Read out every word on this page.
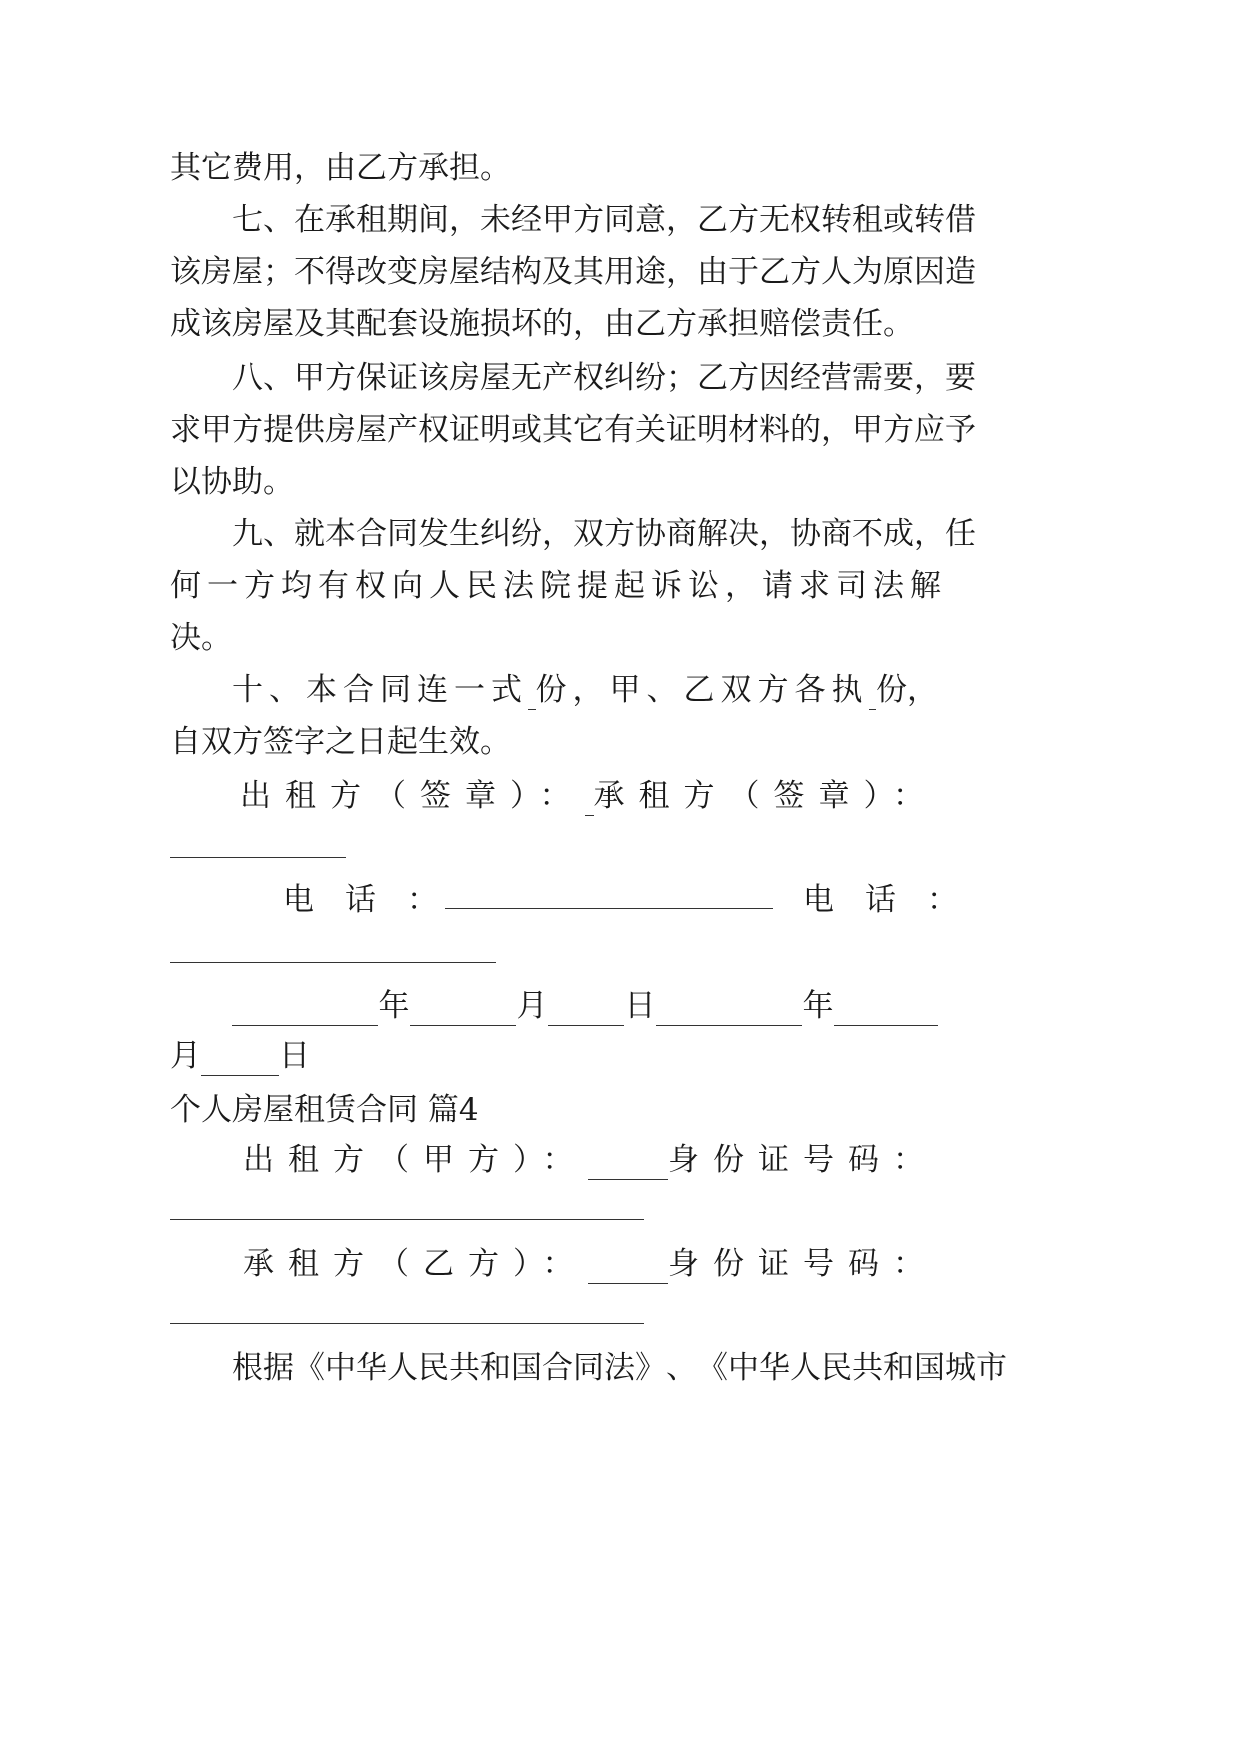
其它费用，由乙方承担。
七 、 在 承 租 期 间 ， 未 经 甲 方 同 意 ， 乙 方 无 权 转 租 或 转 借
该 房 屋 ； 不 得 改 变 房 屋 结 构 及 其 用 途 ， 由 于 乙 方 人 为 原 因 造
成该房屋及其配套设施损坏的，由乙方承担赔偿责任。
八 、 甲 方 保 证 该 房 屋 无 产 权 纠 纷 ； 乙 方 因 经 营 需 要 ， 要
求 甲 方 提 供 房 屋 产 权 证 明 或 其 它 有 关 证 明 材 料 的 ， 甲 方 应 予
以协助。
九 、 就 本 合 同 发 生 纠 纷 ， 双 方 协 商 解 决 ， 协 商 不 成 ， 任
何一方均有权向 人民法院提起诉讼，请求司法解
决。
十、本合同连一式 份，甲、乙双方各执 份，
自双方签字之日起生效。
出租方（签章）： 承租方（签章）：
电　话　：	电　话　：
年	月 日	年
月	日
个人房屋租赁合同 篇4
出租方（甲方）：	身份证号码：
承租方（乙方）：	身份证号码：
根 据 《 中 华 人 民 共 和 国 合 同 法 》 、 《 中 华 人 民 共 和 国 城 市
